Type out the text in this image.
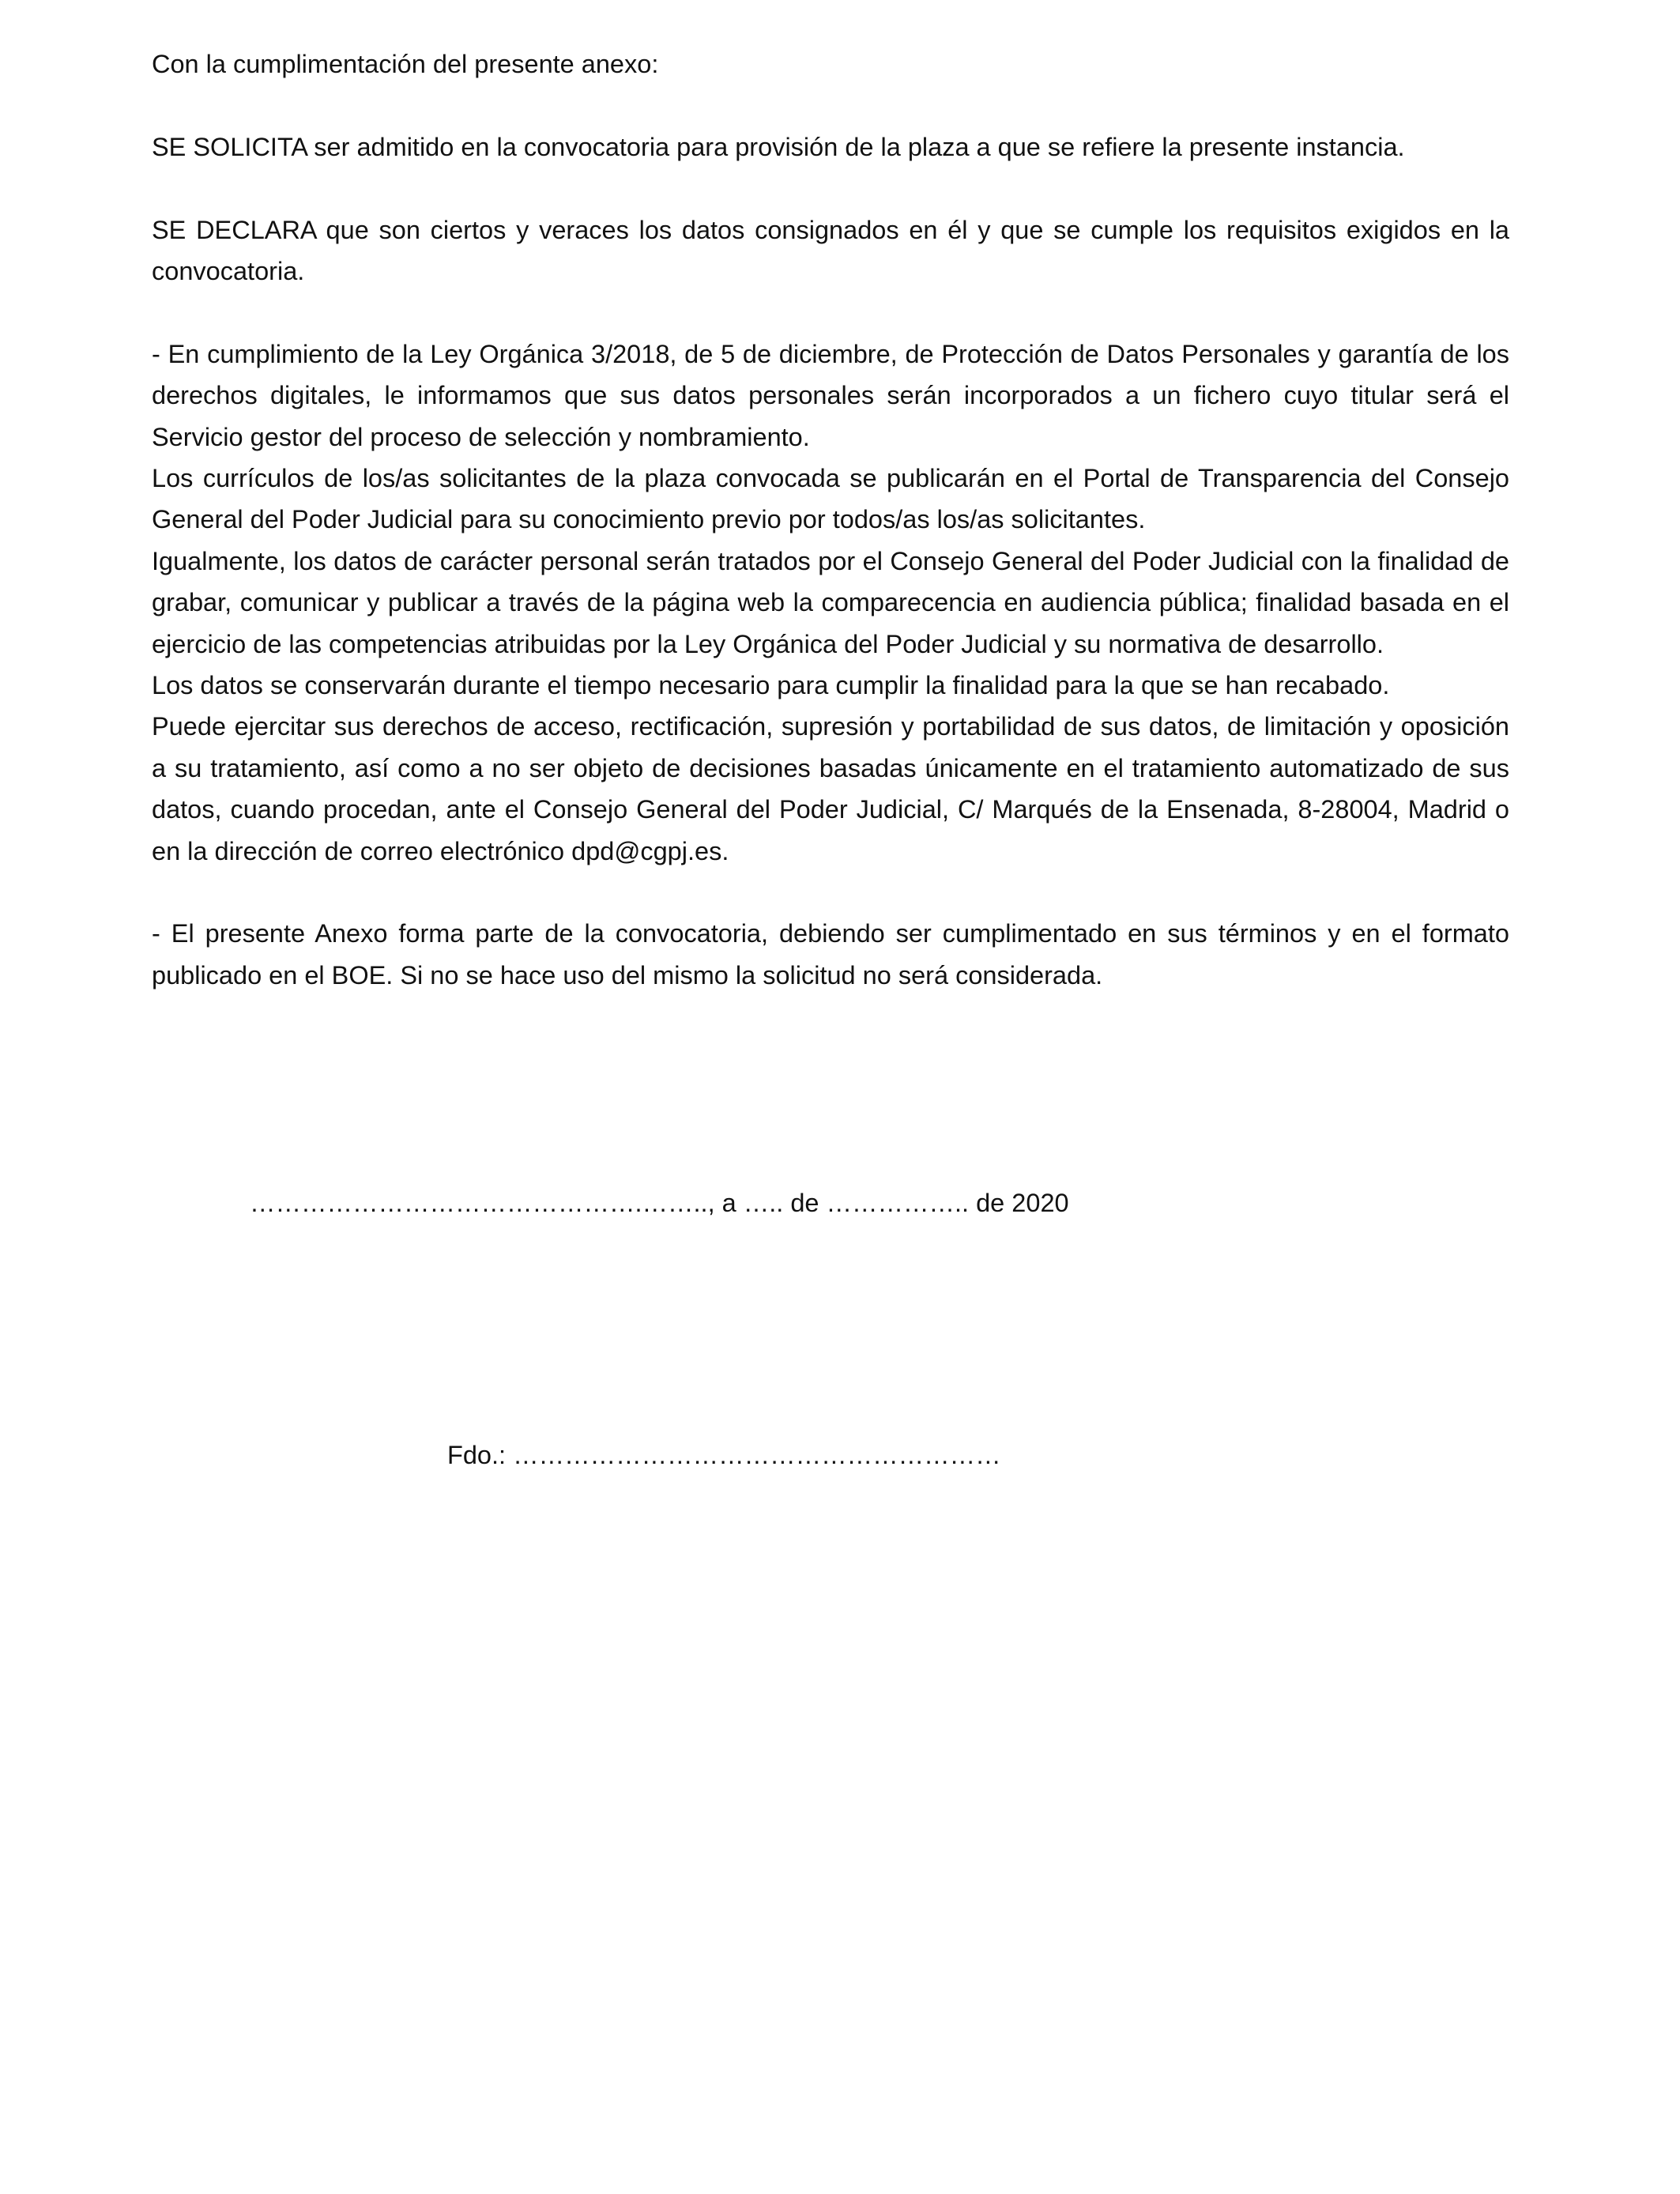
Con la cumplimentación del presente anexo:

SE SOLICITA ser admitido en la convocatoria para provisión de la plaza a que se refiere la presente instancia.

SE DECLARA que son ciertos y veraces los datos consignados en él y que se cumple los requisitos exigidos en la convocatoria.

- En cumplimiento de la Ley Orgánica 3/2018, de 5 de diciembre, de Protección de Datos Personales y garantía de los derechos digitales, le informamos que sus datos personales serán incorporados a un fichero cuyo titular será el Servicio gestor del proceso de selección y nombramiento.

Los currículos de los/as solicitantes de la plaza convocada se publicarán en el Portal de Transparencia del Consejo General del Poder Judicial para su conocimiento previo por todos/as los/as solicitantes.

Igualmente, los datos de carácter personal serán tratados por el Consejo General del Poder Judicial con la finalidad de grabar, comunicar y publicar a través de la página web la comparecencia en audiencia pública; finalidad basada en el ejercicio de las competencias atribuidas por la Ley Orgánica del Poder Judicial y su normativa de desarrollo.

Los datos se conservarán durante el tiempo necesario para cumplir la finalidad para la que se han recabado.

Puede ejercitar sus derechos de acceso, rectificación, supresión y portabilidad de sus datos, de limitación y oposición a su tratamiento, así como a no ser objeto de decisiones basadas únicamente en el tratamiento automatizado de sus datos, cuando procedan, ante el Consejo General del Poder Judicial, C/ Marqués de la Ensenada, 8-28004, Madrid o en la dirección de correo electrónico dpd@cgpj.es.

- El presente Anexo forma parte de la convocatoria, debiendo ser cumplimentado en sus términos y en el formato publicado en el BOE. Si no se hace uso del mismo la solicitud no será considerada.

……………………………………….…….., a ….. de …………….. de 2020
Fdo.: …………………………………………………
